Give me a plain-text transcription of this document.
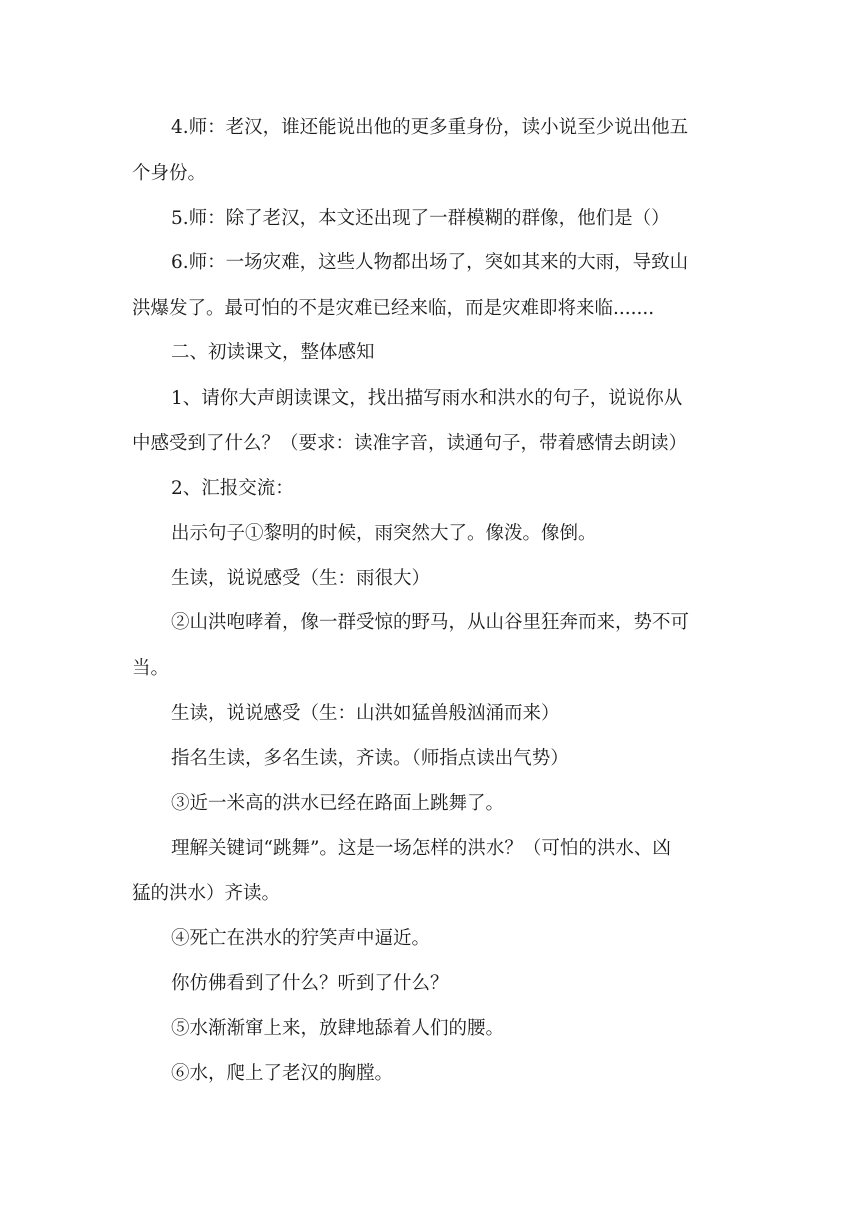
4.师：老汉，谁还能说出他的更多重身份，读小说至少说出他五
个身份。
5.师：除了老汉，本文还出现了一群模糊的群像，他们是（）
6.师：一场灾难，这些人物都出场了，突如其来的大雨，导致山
洪爆发了。最可怕的不是灾难已经来临，而是灾难即将来临.......
二、初读课文，整体感知
1、请你大声朗读课文，找出描写雨水和洪水的句子，说说你从
中感受到了什么？（要求：读准字音，读通句子，带着感情去朗读）
2、汇报交流：
出示句子①黎明的时候，雨突然大了。像泼。像倒。
生读，说说感受（生：雨很大）
②山洪咆哮着，像一群受惊的野马，从山谷里狂奔而来，势不可
当。
生读，说说感受（生：山洪如猛兽般汹涌而来）
指名生读，多名生读，齐读。（师指点读出气势）
③近一米高的洪水已经在路面上跳舞了。
理解关键词“跳舞”。这是一场怎样的洪水？（可怕的洪水、凶
猛的洪水）齐读。
④死亡在洪水的狞笑声中逼近。
你仿佛看到了什么？听到了什么？
⑤水渐渐窜上来，放肆地舔着人们的腰。
⑥水，爬上了老汉的胸膛。
